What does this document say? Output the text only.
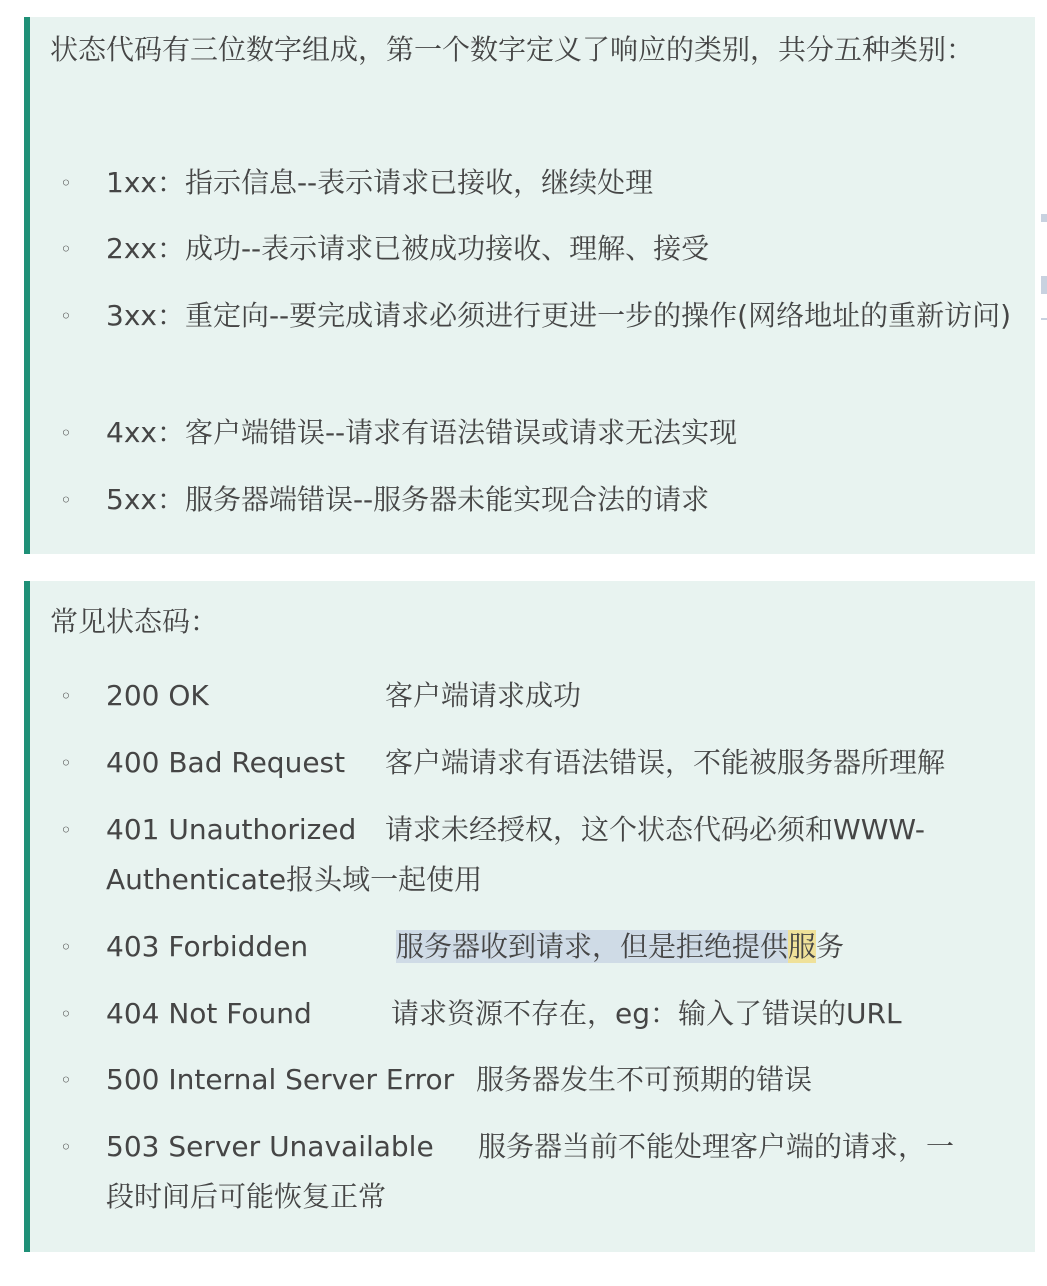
状态代码有三位数字组成，第一个数字定义了响应的类别，共分五种类别：
◦ 1xx：指示信息--表示请求已接收，继续处理
◦ 2xx：成功--表示请求已被成功接收、理解、接受
◦ 3xx：重定向--要完成请求必须进行更进一步的操作(网络地址的重新访问)
◦ 4xx：客户端错误--请求有语法错误或请求无法实现
◦ 5xx：服务器端错误--服务器未能实现合法的请求
常见状态码：
◦ 200 OK	客户端请求成功
◦ 400 Bad Request 客户端请求有语法错误，不能被服务器所理解
◦ 401 Unauthorized 请求未经授权，这个状态代码必须和WWW-
Authenticate报头域一起使用
◦ 403 Forbidden	服务器收到请求，但是拒绝提供服务
◦ 404 Not Found	请求资源不存在，eg：输入了错误的URL
◦ 500 Internal Server Error 服务器发生不可预期的错误
◦ 503 Server Unavailable 服务器当前不能处理客户端的请求，一
段时间后可能恢复正常
